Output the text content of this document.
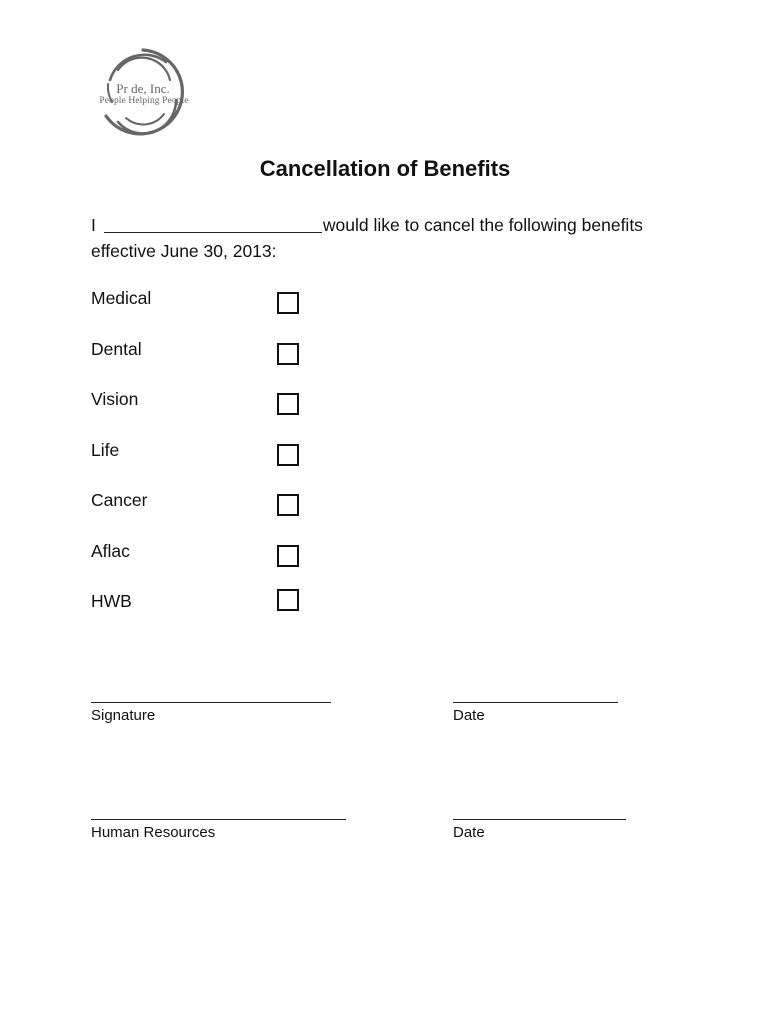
Pr de, Inc.
People Helping People
Cancellation of Benefits
I	would like to cancel the following benefits
effective June 30, 2013:
Medical
Dental
Vision
Life
Cancer
Aflac
HWB
Signature	Date
Human Resources	Date
